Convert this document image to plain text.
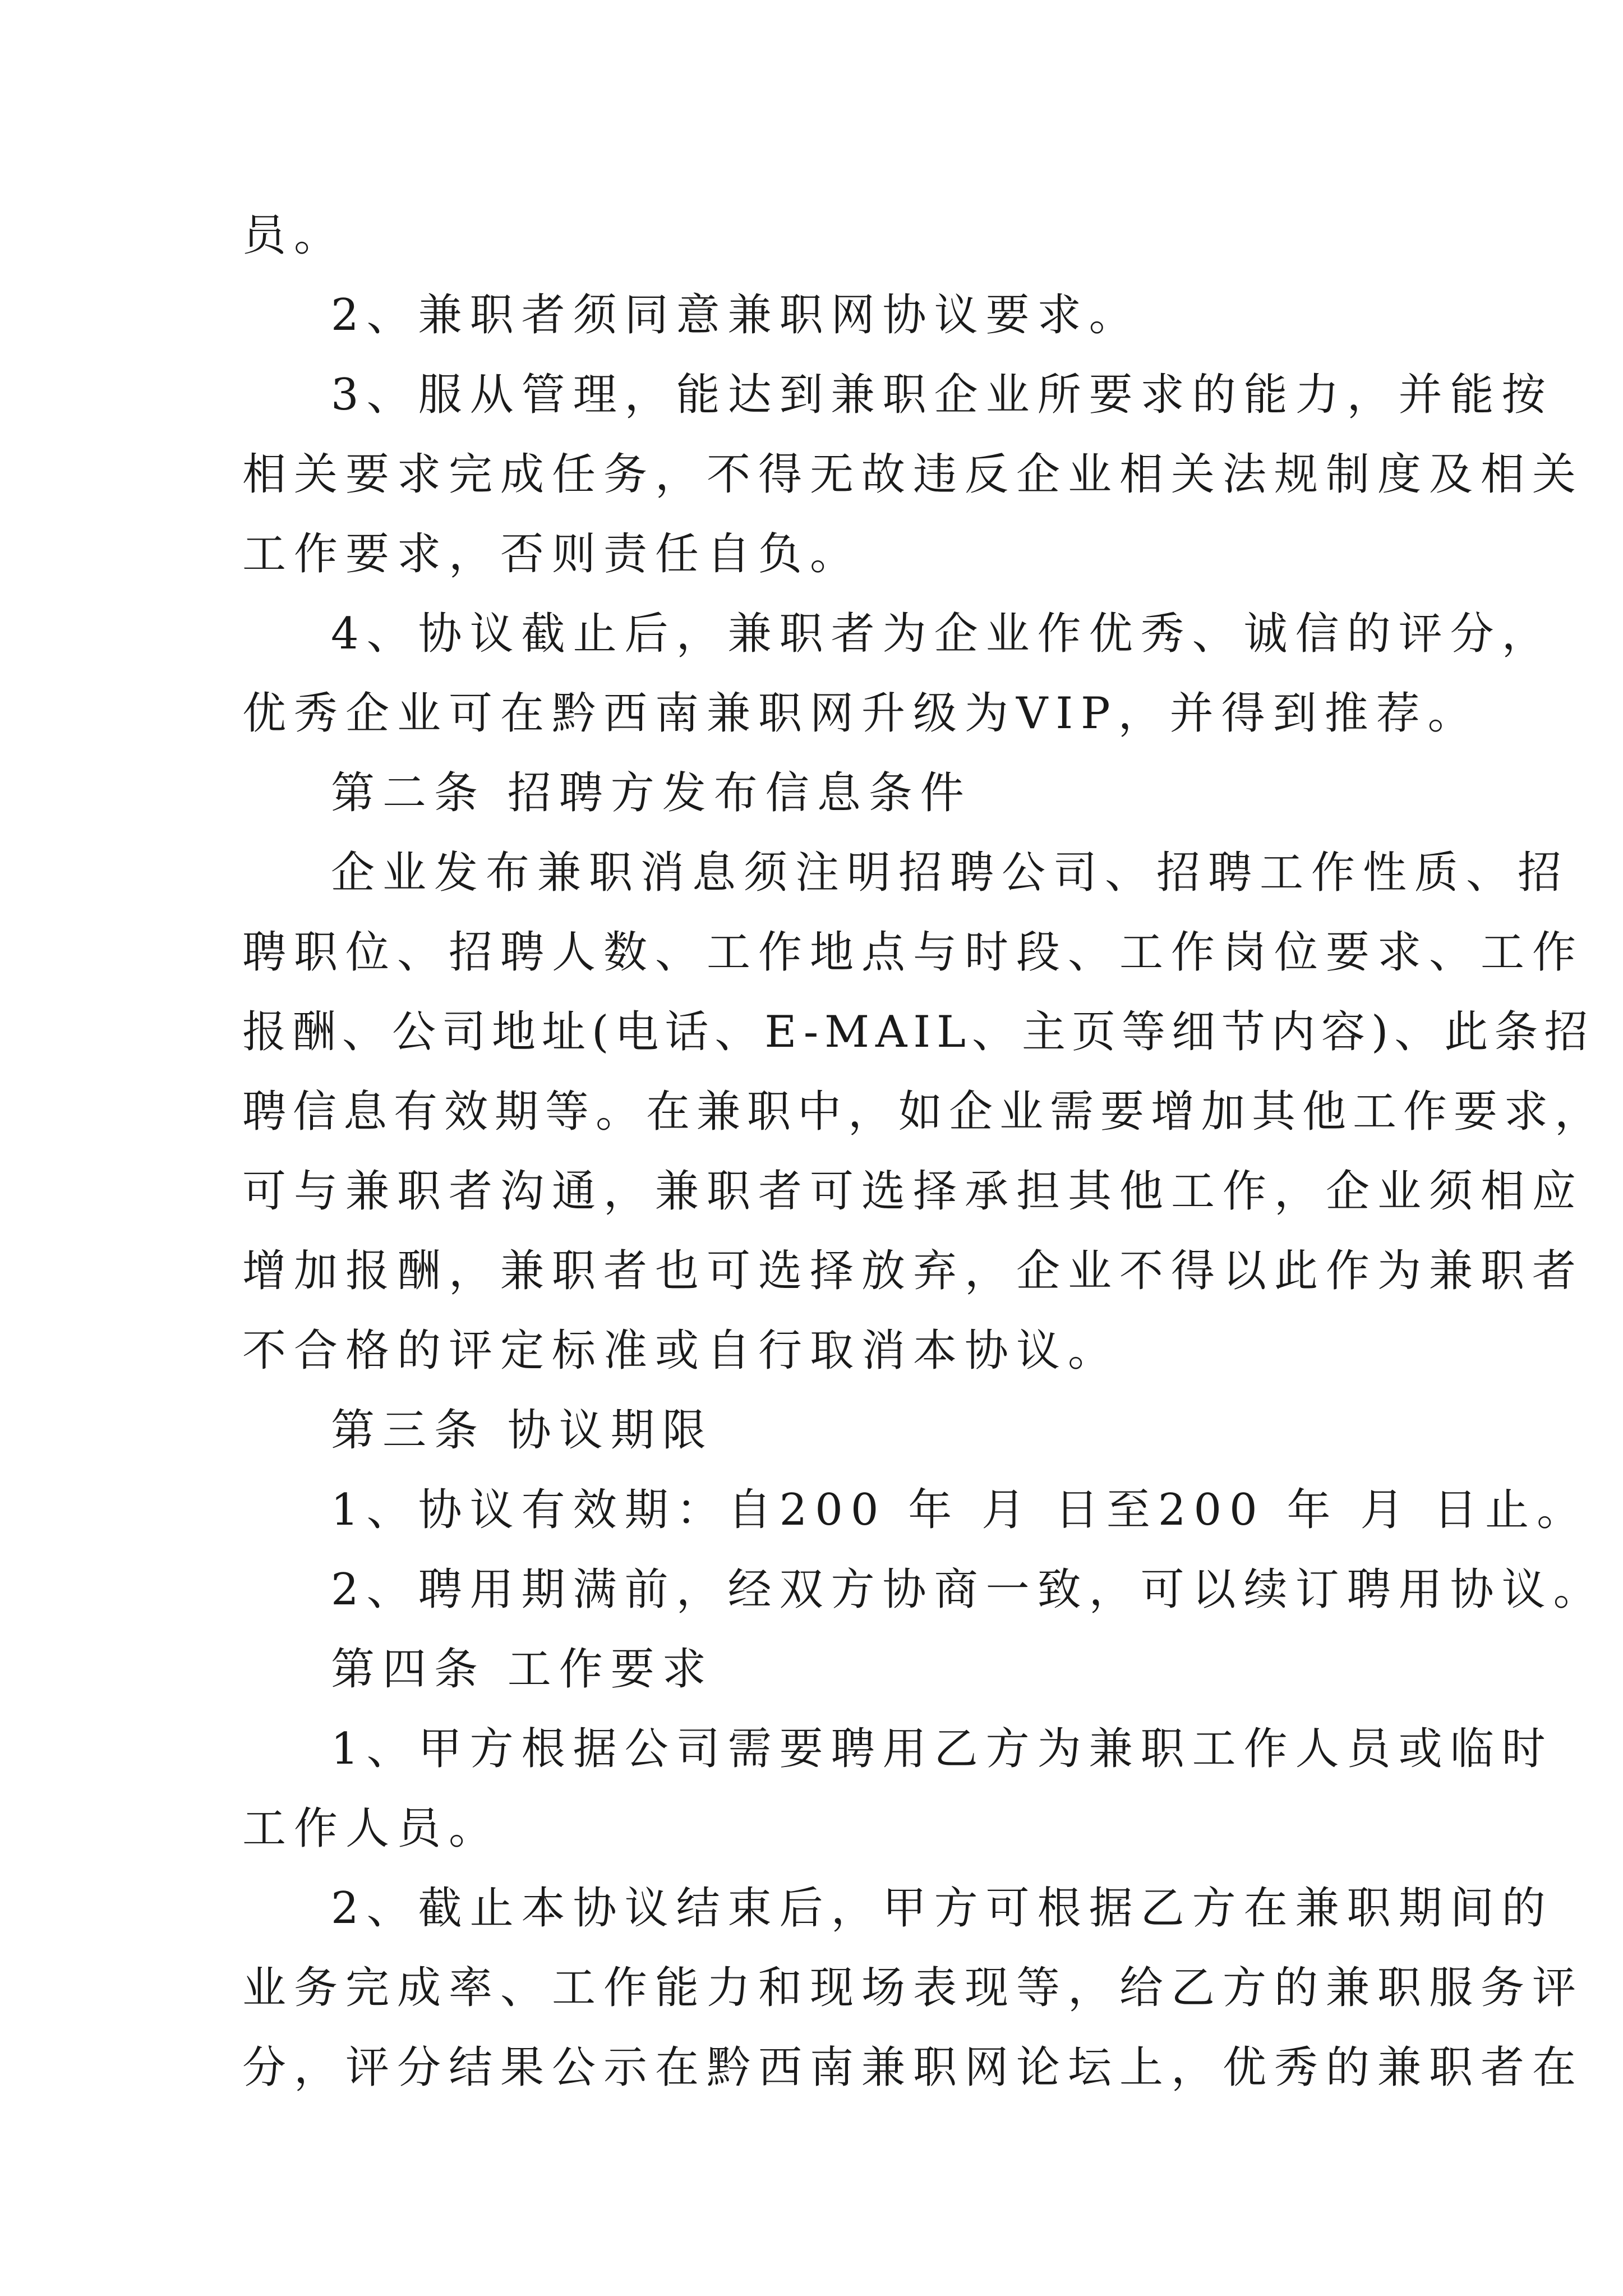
员。

2、兼职者须同意兼职网协议要求。

3、服从管理，能达到兼职企业所要求的能力，并能按

相关要求完成任务，不得无故违反企业相关法规制度及相关

工作要求，否则责任自负。

4、协议截止后，兼职者为企业作优秀、诚信的评分，

优秀企业可在黔西南兼职网升级为VIP，并得到推荐。

第二条 招聘方发布信息条件

企业发布兼职消息须注明招聘公司、招聘工作性质、招

聘职位、招聘人数、工作地点与时段、工作岗位要求、工作

报酬、公司地址(电话、E-MAIL、主页等细节内容)、此条招

聘信息有效期等。在兼职中，如企业需要增加其他工作要求，

可与兼职者沟通，兼职者可选择承担其他工作，企业须相应

增加报酬，兼职者也可选择放弃，企业不得以此作为兼职者

不合格的评定标准或自行取消本协议。

第三条 协议期限

1、协议有效期：自200 年 月 日至200 年 月 日止。

2、聘用期满前，经双方协商一致，可以续订聘用协议。

第四条 工作要求

1、甲方根据公司需要聘用乙方为兼职工作人员或临时

工作人员。

2、截止本协议结束后，甲方可根据乙方在兼职期间的

业务完成率、工作能力和现场表现等，给乙方的兼职服务评

分，评分结果公示在黔西南兼职网论坛上，优秀的兼职者在
